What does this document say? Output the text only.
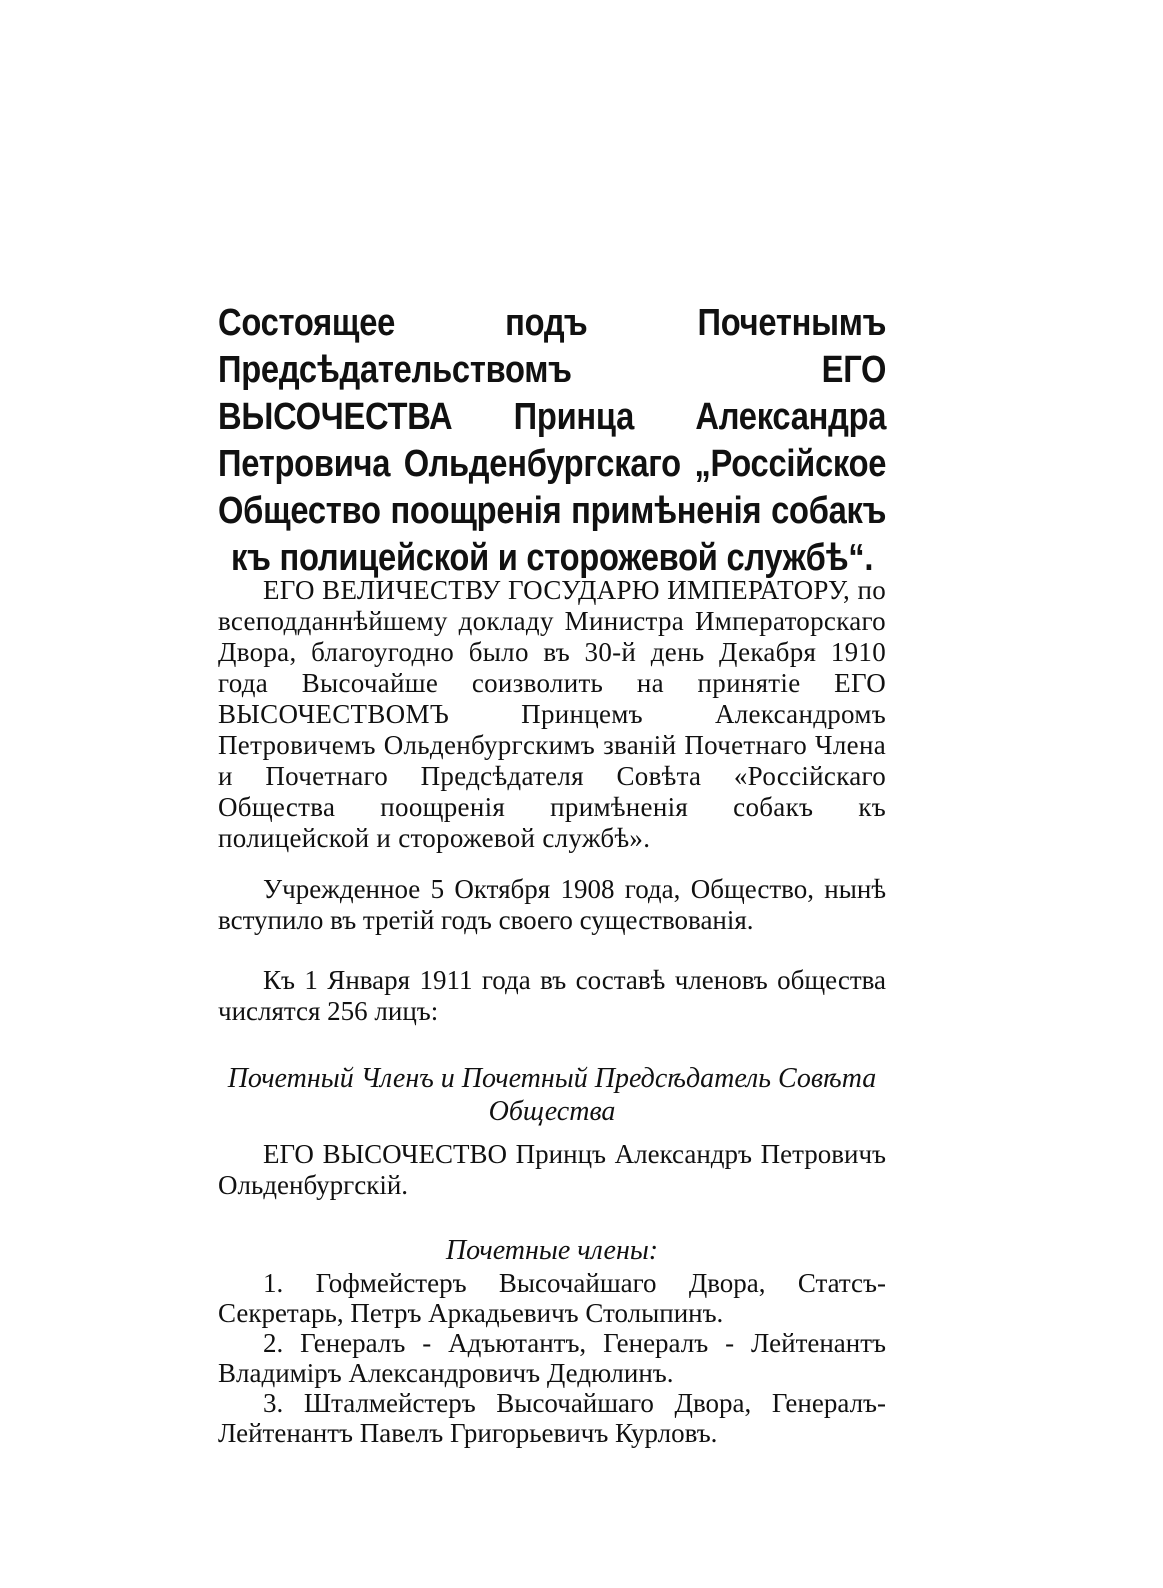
Состоящее подъ Почетнымъ Предсѣдательствомъ ЕГО ВЫСОЧЕСТВА Принца Александра Петровича Ольденбургскаго „Россійское Общество поощренія примѣненія собакъ къ полицейской и сторожевой службѣ“.

ЕГО ВЕЛИЧЕСТВУ ГОСУДАРЮ ИМПЕРАТОРУ, по всеподданнѣйшему докладу Министра Императорскаго Двора, благоугодно было въ 30-й день Декабря 1910 года Высочайше соизволить на принятіе ЕГО ВЫСОЧЕСТВОМЪ Принцемъ Александромъ Петровичемъ Ольденбургскимъ званій Почетнаго Члена и Почетнаго Предсѣдателя Совѣта «Россійскаго Общества поощренія примѣненія собакъ къ полицейской и сторожевой службѣ».

Учрежденное 5 Октября 1908 года, Общество, нынѣ вступило въ третій годъ своего существованія.

Къ 1 Января 1911 года въ составѣ членовъ общества числятся 256 лицъ:

Почетный Членъ и Почетный Предсѣдатель Совѣта Общества

ЕГО ВЫСОЧЕСТВО Принцъ Александръ Петровичъ Ольденбургскій.

Почетные члены:
1. Гофмейстеръ Высочайшаго Двора, Статсъ-Секретарь, Петръ Аркадьевичъ Столыпинъ.
2. Генералъ - Адъютантъ, Генералъ - Лейтенантъ Владиміръ Александровичъ Дедюлинъ.
3. Шталмейстеръ Высочайшаго Двора, Генералъ-Лейтенантъ Павелъ Григорьевичъ Курловъ.
